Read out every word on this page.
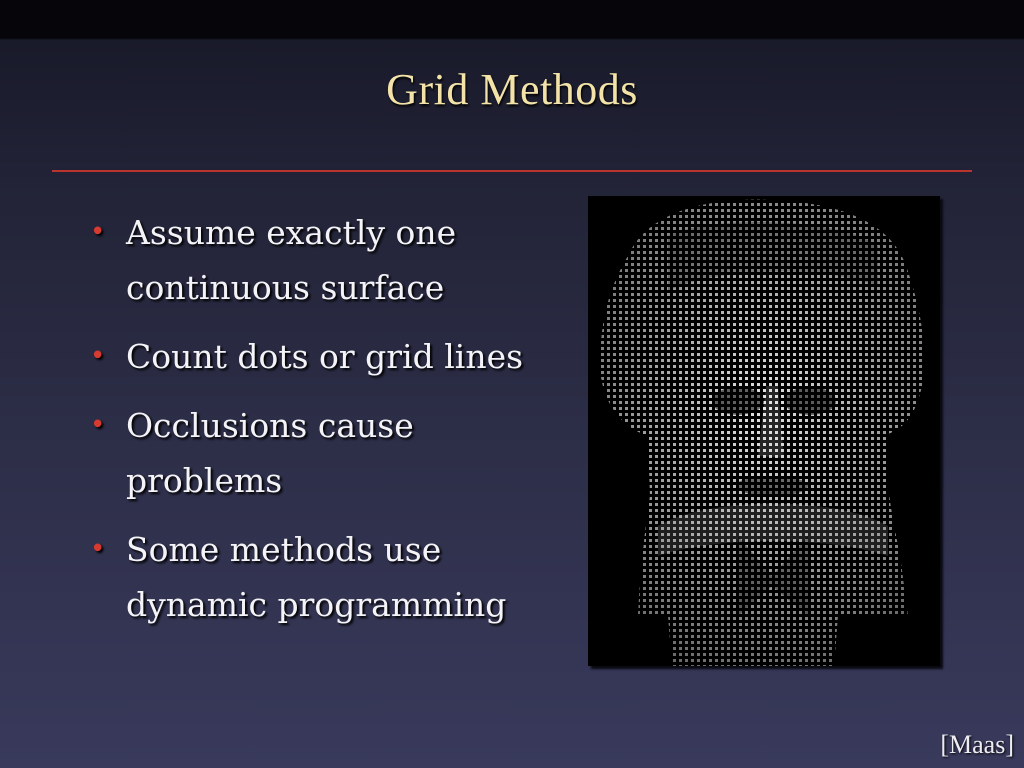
Grid Methods
• Assume exactly one continuous surface
• Count dots or grid lines
• Occlusions cause problems
• Some methods use dynamic programming
[Maas]
